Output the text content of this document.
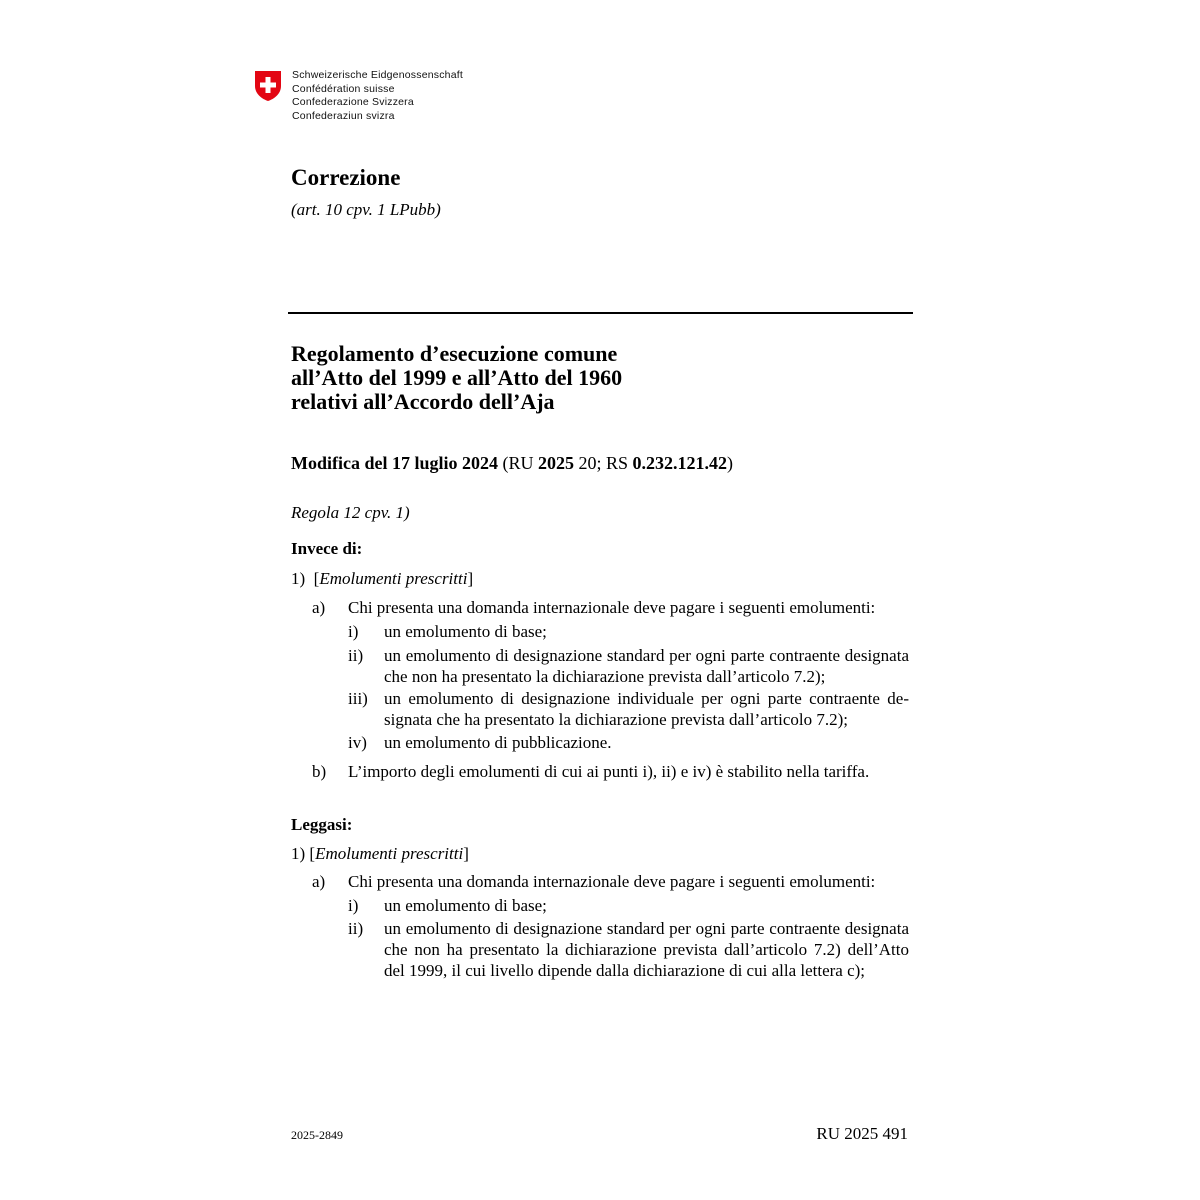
Schweizerische Eidgenossenschaft
Confédération suisse
Confederazione Svizzera
Confederaziun svizra
Correzione
(art. 10 cpv. 1 LPubb)
Regolamento d’esecuzione comune
all’Atto del 1999 e all’Atto del 1960
relativi all’Accordo dell’Aja
Modifica del 17 luglio 2024 (RU 2025 20; RS 0.232.121.42)
Regola 12 cpv. 1)
Invece di:
1) [Emolumenti prescritti]
a) Chi presenta una domanda internazionale deve pagare i seguenti emolumenti:
i) un emolumento di base;
ii) un emolumento di designazione standard per ogni parte contraente designata che non ha presentato la dichiarazione prevista dall’articolo 7.2);
iii) un emolumento di designazione individuale per ogni parte contraente designata che ha presentato la dichiarazione prevista dall’articolo 7.2);
iv) un emolumento di pubblicazione.
b) L’importo degli emolumenti di cui ai punti i), ii) e iv) è stabilito nella tariffa.
Leggasi:
1) [Emolumenti prescritti]
a) Chi presenta una domanda internazionale deve pagare i seguenti emolumenti:
i) un emolumento di base;
ii) un emolumento di designazione standard per ogni parte contraente designata che non ha presentato la dichiarazione prevista dall’articolo 7.2) dell’Atto del 1999, il cui livello dipende dalla dichiarazione di cui alla lettera c);
2025-2849	RU 2025 491
